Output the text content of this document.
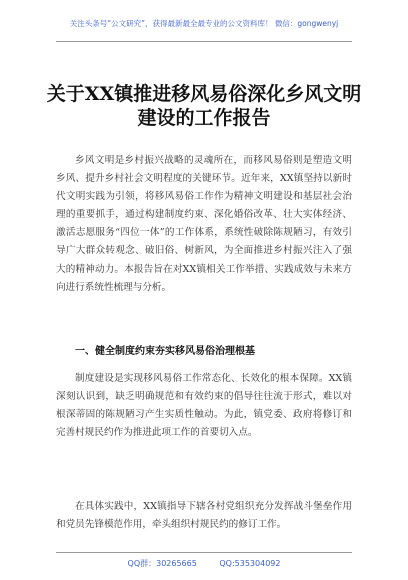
关注头条号“公文研究”，获得最新最全最专业的公文资料库！ 微信：gongwenyj
关于XX镇推进移风易俗深化乡风文明建设的工作报告

乡风文明是乡村振兴战略的灵魂所在，而移风易俗则是塑造文明乡风、提升乡村社会文明程度的关键环节。近年来，XX镇坚持以新时代文明实践为引领，将移风易俗工作作为精神文明建设和基层社会治理的重要抓手，通过构建制度约束、深化婚俗改革、壮大实体经济、激活志愿服务“四位一体”的工作体系，系统性破除陈规陋习，有效引导广大群众转观念、破旧俗、树新风，为全面推进乡村振兴注入了强大的精神动力。本报告旨在对XX镇相关工作举措、实践成效与未来方向进行系统性梳理与分析。

一、健全制度约束夯实移风易俗治理根基

制度建设是实现移风易俗工作常态化、长效化的根本保障。XX镇深刻认识到，缺乏明确规范和有效约束的倡导往往流于形式，难以对根深蒂固的陈规陋习产生实质性触动。为此，镇党委、政府将修订和完善村规民约作为推进此项工作的首要切入点。

在具体实践中，XX镇指导下辖各村党组织充分发挥战斗堡垒作用和党员先锋模范作用，牵头组织村规民约的修订工作。

QQ群：30265665	QQ:535304092
